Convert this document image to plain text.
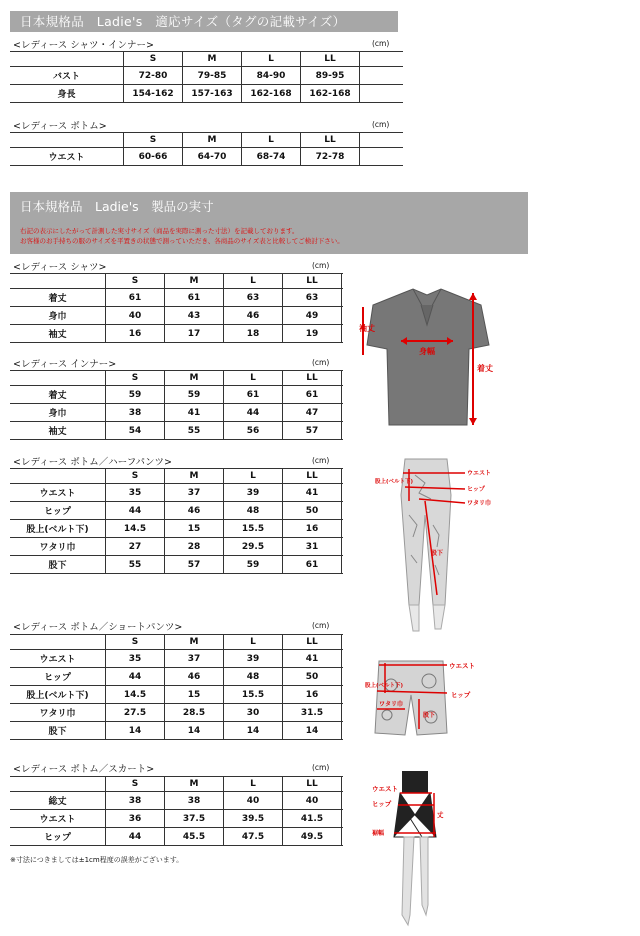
日本規格品　Ladie's　適応サイズ（タグの記載サイズ）
日本規格品　Ladie's　製品の実寸
右記の表示にしたがって計測した実寸サイズ（商品を実際に測った寸法）を記載しております。
お客様のお手持ちの服のサイズを平置きの状態で測っていただき、各商品のサイズ表と比較してご検討下さい。
<レディース シャツ・インナー>	(cm)
	S	M	L	LL	
バスト	72-80	79-85	84-90	89-95	
身長	154-162	157-163	162-168	162-168	
<レディース ボトム>	(cm)
	S	M	L	LL	
ウエスト	60-66	64-70	68-74	72-78	
<レディース シャツ>	(cm)
	S	M	L	LL	
着丈	61	61	63	63	
身巾	40	43	46	49	
袖丈	16	17	18	19	
<レディース インナー>	(cm)
	S	M	L	LL	
着丈	59	59	61	61	
身巾	38	41	44	47	
袖丈	54	55	56	57	
<レディース ボトム／ハーフパンツ>	(cm)
	S	M	L	LL	
ウエスト	35	37	39	41	
ヒップ	44	46	48	50	
股上(ベルト下)	14.5	15	15.5	16	
ワタリ巾	27	28	29.5	31	
股下	55	57	59	61	
<レディース ボトム／ショートパンツ>	(cm)
	S	M	L	LL	
ウエスト	35	37	39	41	
ヒップ	44	46	48	50	
股上(ベルト下)	14.5	15	15.5	16	
ワタリ巾	27.5	28.5	30	31.5	
股下	14	14	14	14	
<レディース ボトム／スカート>	(cm)
	S	M	L	LL	
総丈	38	38	40	40	
ウエスト	36	37.5	39.5	41.5	
ヒップ	44	45.5	47.5	49.5	
※寸法につきましては±1cm程度の誤差がございます。
袖丈
身幅
着丈
ウエスト
ヒップ
ワタリ巾
股上(ベルト下)
股下
ウエスト
ヒップ
股上(ベルト下)
ワタリ巾
股下
ウエスト
ヒップ
丈
裾幅
